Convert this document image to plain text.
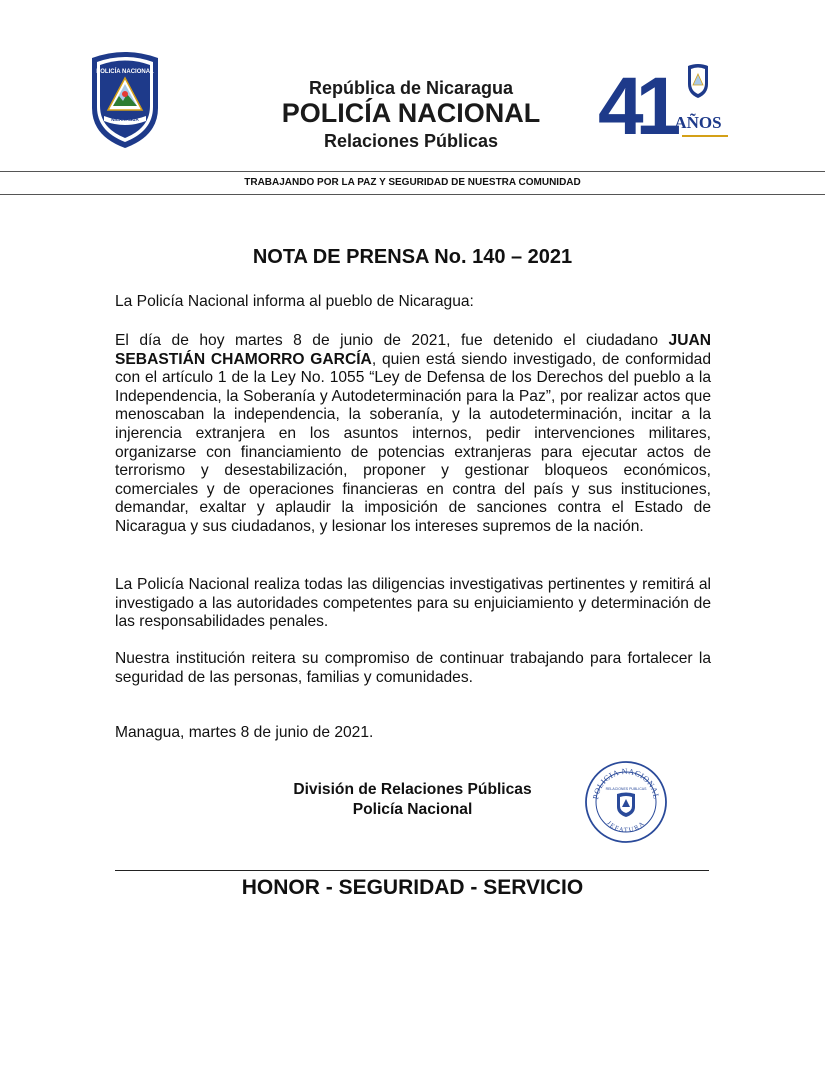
POLICÍA NACIONAL
NICARAGUA
República de Nicaragua
POLICÍA NACIONAL
Relaciones Públicas	41 AÑOS
TRABAJANDO POR LA PAZ Y SEGURIDAD DE NUESTRA COMUNIDAD
NOTA DE PRENSA No. 140 – 2021

La Policía Nacional informa al pueblo de Nicaragua:

El día de hoy martes 8 de junio de 2021, fue detenido el ciudadano JUAN SEBASTIÁN CHAMORRO GARCÍA, quien está siendo investigado, de conformidad con el artículo 1 de la Ley No. 1055 “Ley de Defensa de los Derechos del pueblo a la Independencia, la Soberanía y Autodeterminación para la Paz”, por realizar actos que menoscaban la independencia, la soberanía, y la autodeterminación, incitar a la injerencia extranjera en los asuntos internos, pedir intervenciones militares, organizarse con financiamiento de potencias extranjeras para ejecutar actos de terrorismo y desestabilización, proponer y gestionar bloqueos económicos, comerciales y de operaciones financieras en contra del país y sus instituciones, demandar, exaltar y aplaudir la imposición de sanciones contra el Estado de Nicaragua y sus ciudadanos, y lesionar los intereses supremos de la nación.

La Policía Nacional realiza todas las diligencias investigativas pertinentes y remitirá al investigado a las autoridades competentes para su enjuiciamiento y determinación de las responsabilidades penales.

Nuestra institución reitera su compromiso de continuar trabajando para fortalecer la seguridad de las personas, familias y comunidades.

Managua, martes 8 de junio de 2021.

División de Relaciones Públicas
Policía Nacional
POLICIA NACIONAL
JEFATURA
RELACIONES PUBLICAS
HONOR - SEGURIDAD - SERVICIO
